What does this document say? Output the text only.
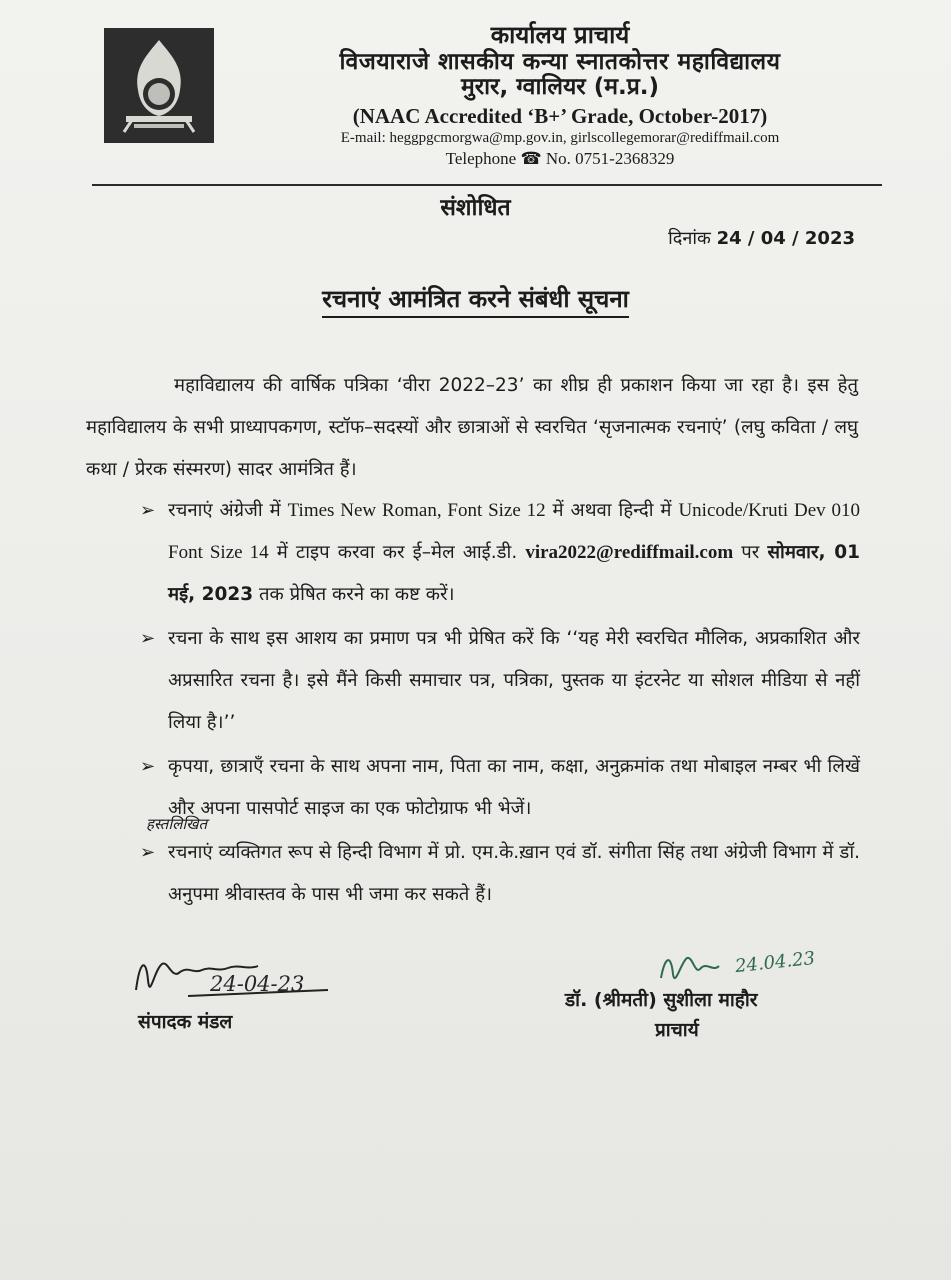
कार्यालय प्राचार्य
विजयाराजे शासकीय कन्या स्नातकोत्तर महाविद्यालय
मुरार, ग्वालियर (म.प्र.)
(NAAC Accredited ‘B+’ Grade, October-2017)
E-mail: heggpgcmorgwa@mp.gov.in, girlscollegemorar@rediffmail.com
Telephone ☎ No. 0751-2368329
संशोधित
दिनांक 24 / 04 / 2023
रचनाएं आमंत्रित करने संबंधी सूचना
महाविद्यालय की वार्षिक पत्रिका ‘वीरा 2022–23’ का शीघ्र ही प्रकाशन किया जा रहा है। इस हेतु महाविद्यालय के सभी प्राध्यापकगण, स्टॉफ–सदस्यों और छात्राओं से स्वरचित ‘सृजनात्मक रचनाएं’ (लघु कविता / लघु कथा / प्रेरक संस्मरण) सादर आमंत्रित हैं।
➢ रचनाएं अंग्रेजी में Times New Roman, Font Size 12 में अथवा हिन्दी में Unicode/Kruti Dev 010 Font Size 14 में टाइप करवा कर ई–मेल आई.डी. vira2022@rediffmail.com पर सोमवार, 01 मई, 2023 तक प्रेषित करने का कष्ट करें।
➢ रचना के साथ इस आशय का प्रमाण पत्र भी प्रेषित करें कि ‘‘यह मेरी स्वरचित मौलिक, अप्रकाशित और अप्रसारित रचना है। इसे मैंने किसी समाचार पत्र, पत्रिका, पुस्तक या इंटरनेट या सोशल मीडिया से नहीं लिया है।’’
➢ कृपया, छात्राएँ रचना के साथ अपना नाम, पिता का नाम, कक्षा, अनुक्रमांक तथा मोबाइल नम्बर भी लिखें और अपना पासपोर्ट साइज का एक फोटोग्राफ भी भेजें।
➢ रचनाएं व्यक्तिगत रूप से हिन्दी विभाग में प्रो. एम.के.ख़ान एवं डॉ. संगीता सिंह तथा अंग्रेजी विभाग में डॉ. अनुपमा श्रीवास्तव के पास भी जमा कर सकते हैं।
हस्तलिखित
24-04-23
संपादक मंडल
24.04.23
डॉ. (श्रीमती) सुशीला माहौर
प्राचार्य
